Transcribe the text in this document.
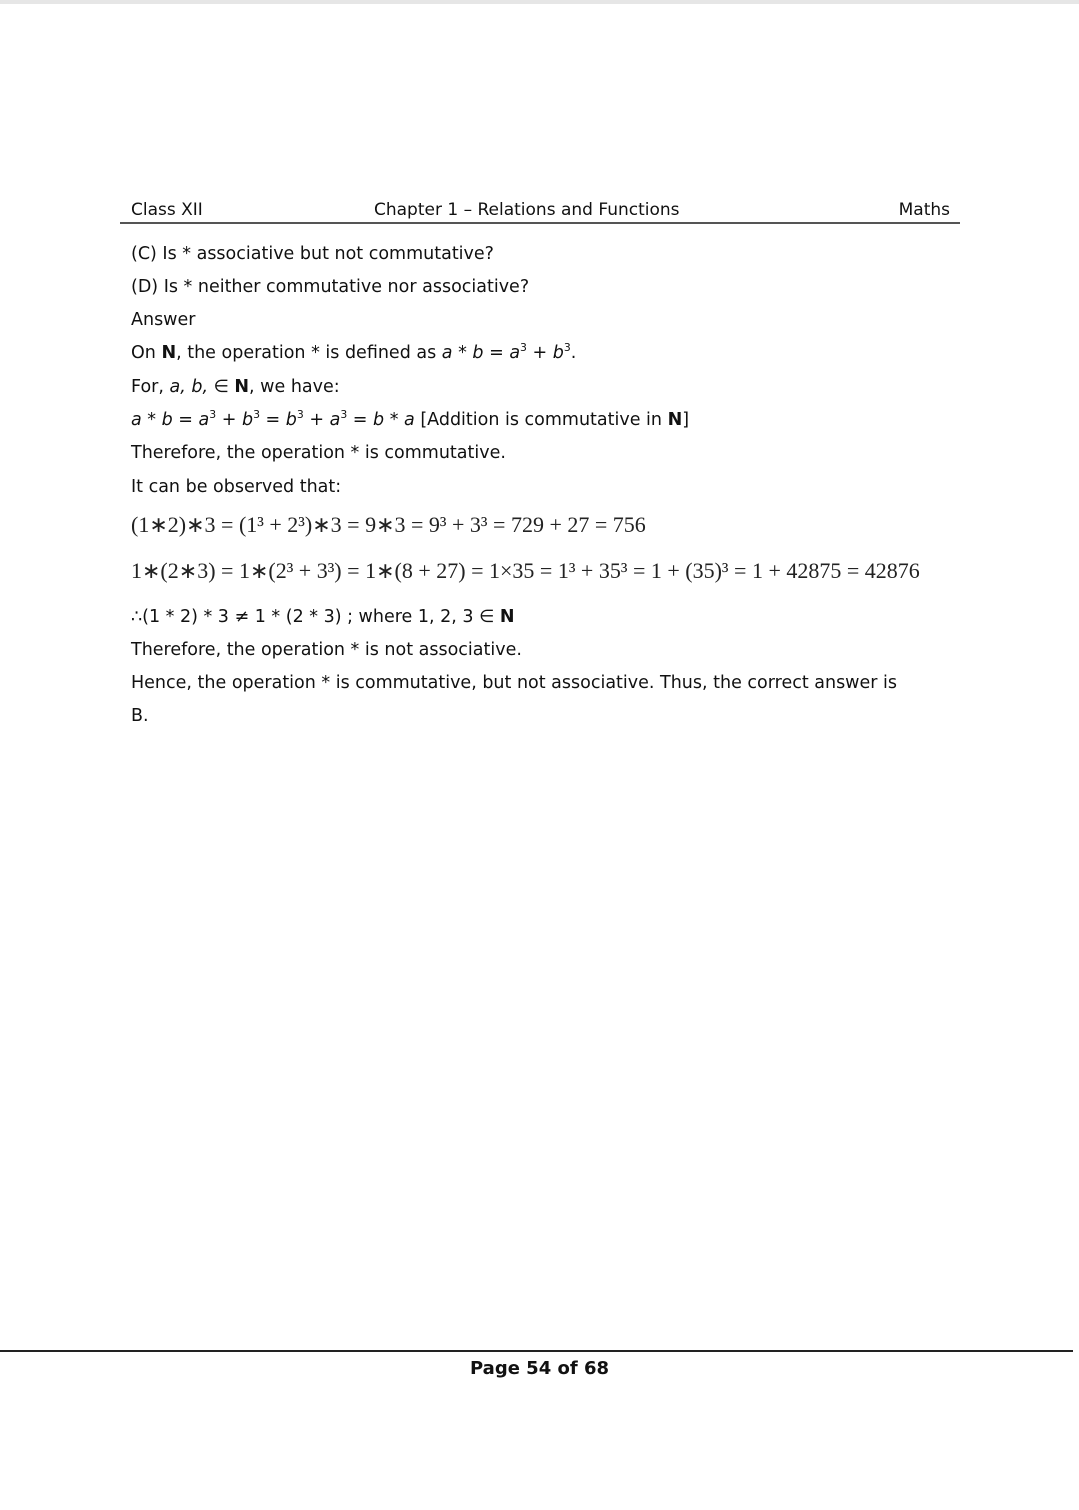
Class XII	Chapter 1 – Relations and Functions	Maths
(C) Is * associative but not commutative?
(D) Is * neither commutative nor associative?
Answer
On N, the operation * is defined as $a * b = a^3 + b^3$.
For, a, b, ∈ N, we have:
$a * b = a^3 + b^3 = b^3 + a^3 = b * a$ [Addition is commutative in N]
Therefore, the operation * is commutative.
It can be observed that:
(1∗2)∗3 = (1³ + 2³)∗3 = 9∗3 = 9³ + 3³ = 729 + 27 = 756
1∗(2∗3) = 1∗(2³ + 3³) = 1∗(8 + 27) = 1×35 = 1³ + 35³ = 1 + (35)³ = 1 + 42875 = 42876
∴(1 * 2) * 3 ≠ 1 * (2 * 3) ; where 1, 2, 3 ∈ N
Therefore, the operation * is not associative.
Hence, the operation * is commutative, but not associative. Thus, the correct answer is
B.
Page 54 of 68
